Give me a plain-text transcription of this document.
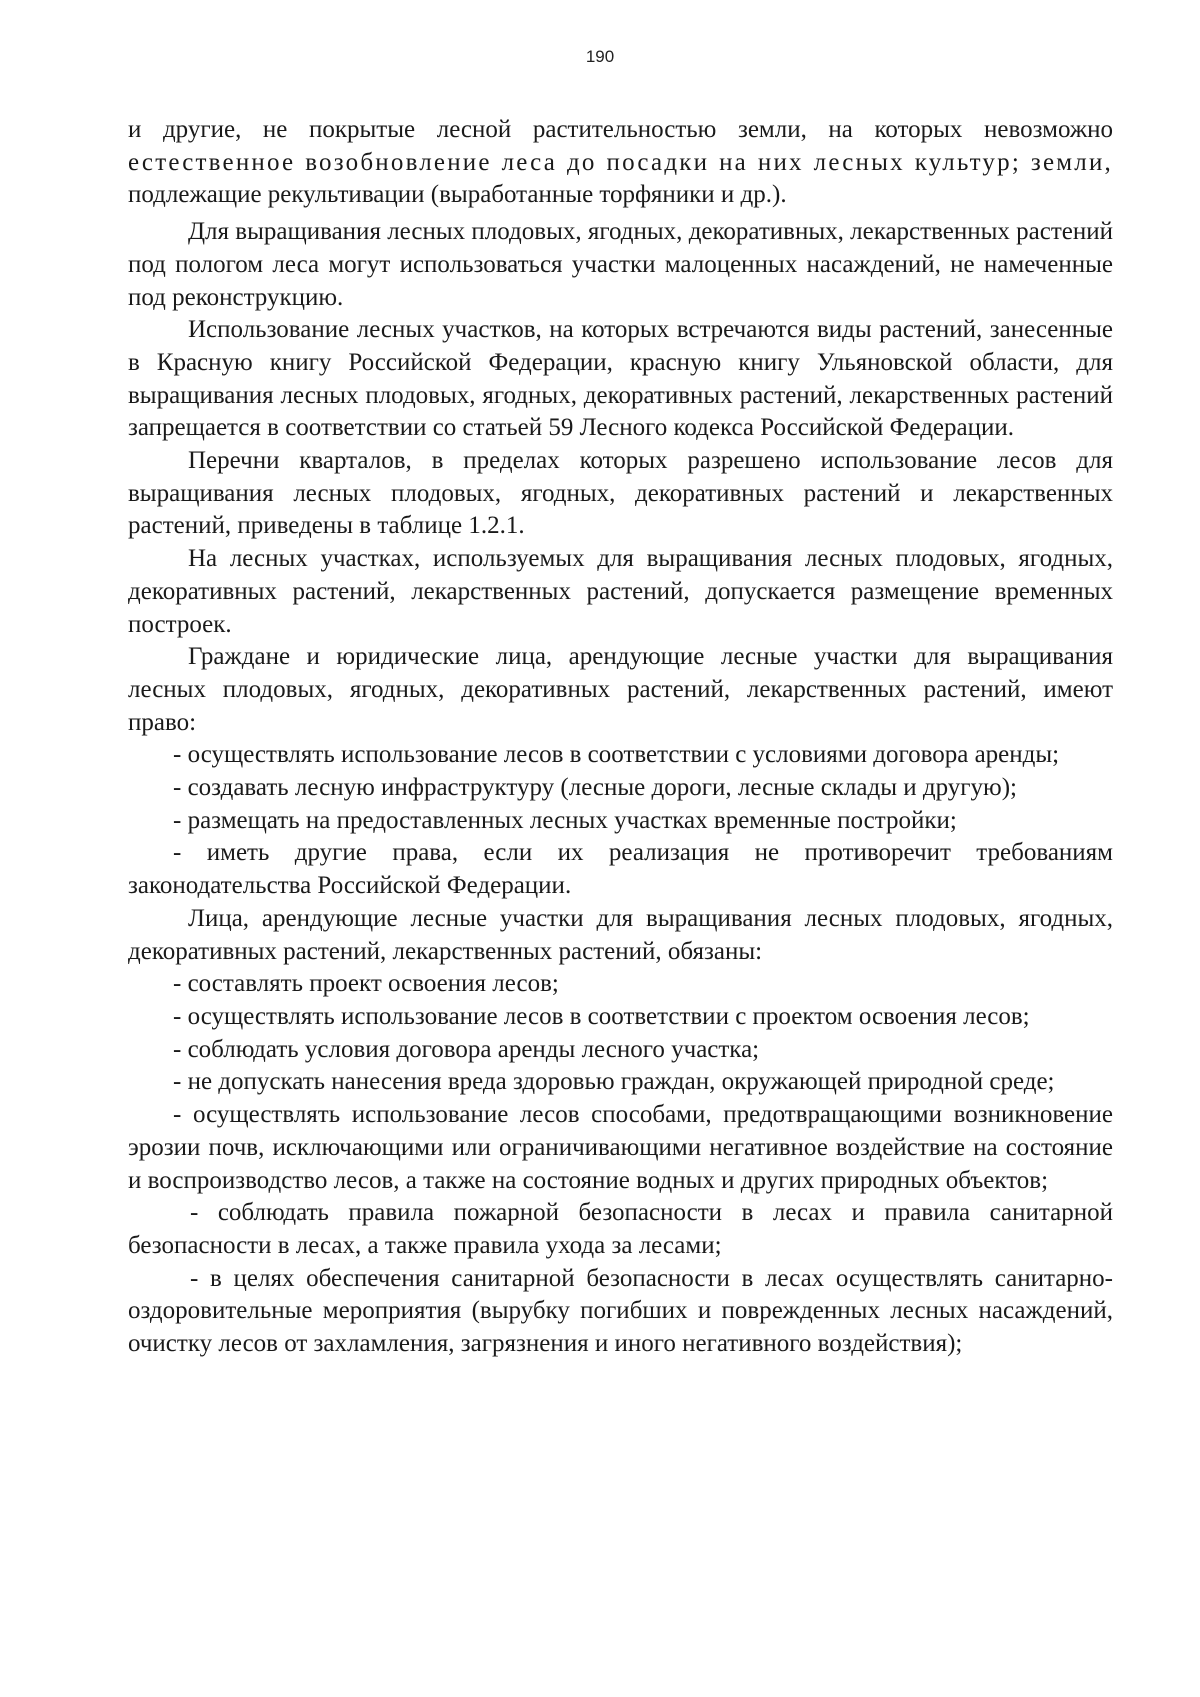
190

и другие, не покрытые лесной растительностью земли, на которых невозможно естественное возобновление леса до посадки на них лесных культур; земли, подлежащие рекультивации (выработанные торфяники и др.).

Для выращивания лесных плодовых, ягодных, декоративных, лекарственных растений под пологом леса могут использоваться участки малоценных насаждений, не намеченные под реконструкцию.

Использование лесных участков, на которых встречаются виды растений, занесенные в Красную книгу Российской Федерации, красную книгу Ульяновской области, для выращивания лесных плодовых, ягодных, декоративных растений, лекарственных растений запрещается в соответствии со статьей 59 Лесного кодекса Российской Федерации.

Перечни кварталов, в пределах которых разрешено использование лесов для выращивания лесных плодовых, ягодных, декоративных растений и лекарственных растений, приведены в таблице 1.2.1.

На лесных участках, используемых для выращивания лесных плодовых, ягодных, декоративных растений, лекарственных растений, допускается размещение временных построек.

Граждане и юридические лица, арендующие лесные участки для выращивания лесных плодовых, ягодных, декоративных растений, лекарственных растений, имеют право:

- осуществлять использование лесов в соответствии с условиями договора аренды;

- создавать лесную инфраструктуру (лесные дороги, лесные склады и другую);

- размещать на предоставленных лесных участках временные постройки;

- иметь другие права, если их реализация не противоречит требованиям законодательства Российской Федерации.

Лица, арендующие лесные участки для выращивания лесных плодовых, ягодных, декоративных растений, лекарственных растений, обязаны:

- составлять проект освоения лесов;

- осуществлять использование лесов в соответствии с проектом освоения лесов;

- соблюдать условия договора аренды лесного участка;

- не допускать нанесения вреда здоровью граждан, окружающей природной среде;

- осуществлять использование лесов способами, предотвращающими возникновение эрозии почв, исключающими или ограничивающими негативное воздействие на состояние и воспроизводство лесов, а также на состояние водных и других природных объектов;

- соблюдать правила пожарной безопасности в лесах и правила санитарной безопасности в лесах, а также правила ухода за лесами;

- в целях обеспечения санитарной безопасности в лесах осуществлять санитарно-оздоровительные мероприятия (вырубку погибших и поврежденных лесных насаждений, очистку лесов от захламления, загрязнения и иного негативного воздействия);
